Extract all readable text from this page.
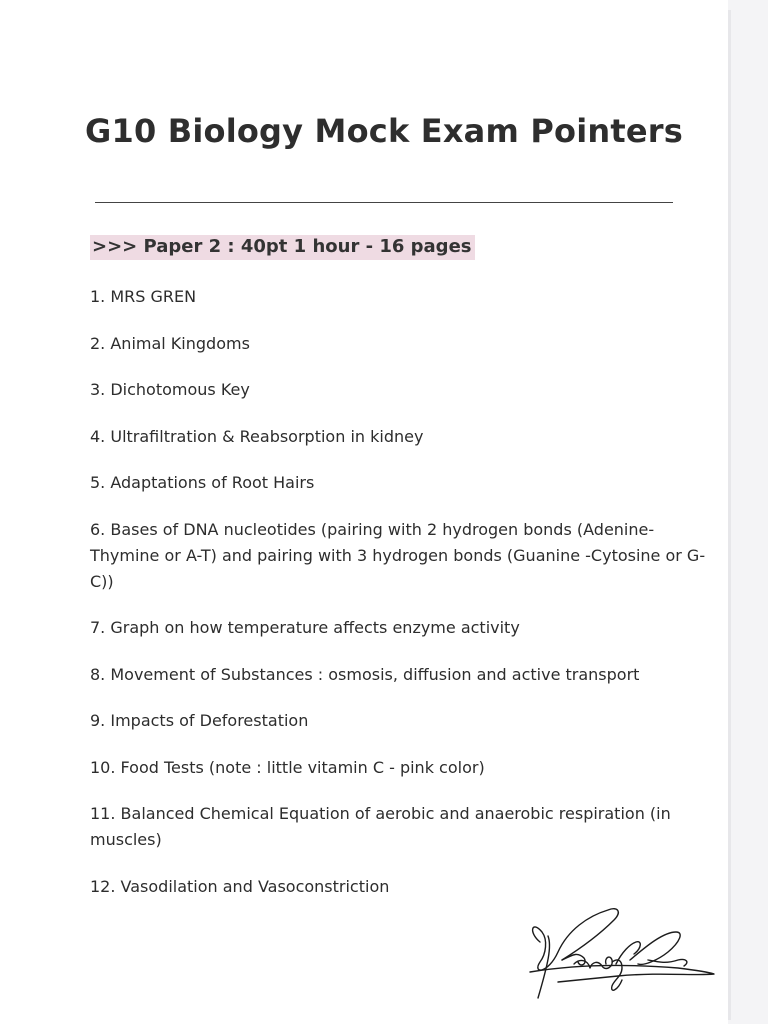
G10 Biology Mock Exam Pointers
>>> Paper 2 : 40pt 1 hour - 16 pages
1. MRS GREN
2. Animal Kingdoms
3. Dichotomous Key
4. Ultrafiltration & Reabsorption in kidney
5. Adaptations of Root Hairs
6. Bases of DNA nucleotides (pairing with 2 hydrogen bonds (Adenine-Thymine or A-T) and pairing with 3 hydrogen bonds (Guanine -Cytosine or G-C))
7. Graph on how temperature affects enzyme activity
8. Movement of Substances : osmosis, diffusion and active transport
9. Impacts of Deforestation
10. Food Tests (note : little vitamin C - pink color)
11. Balanced Chemical Equation of aerobic and anaerobic respiration (in muscles)
12. Vasodilation and Vasoconstriction
